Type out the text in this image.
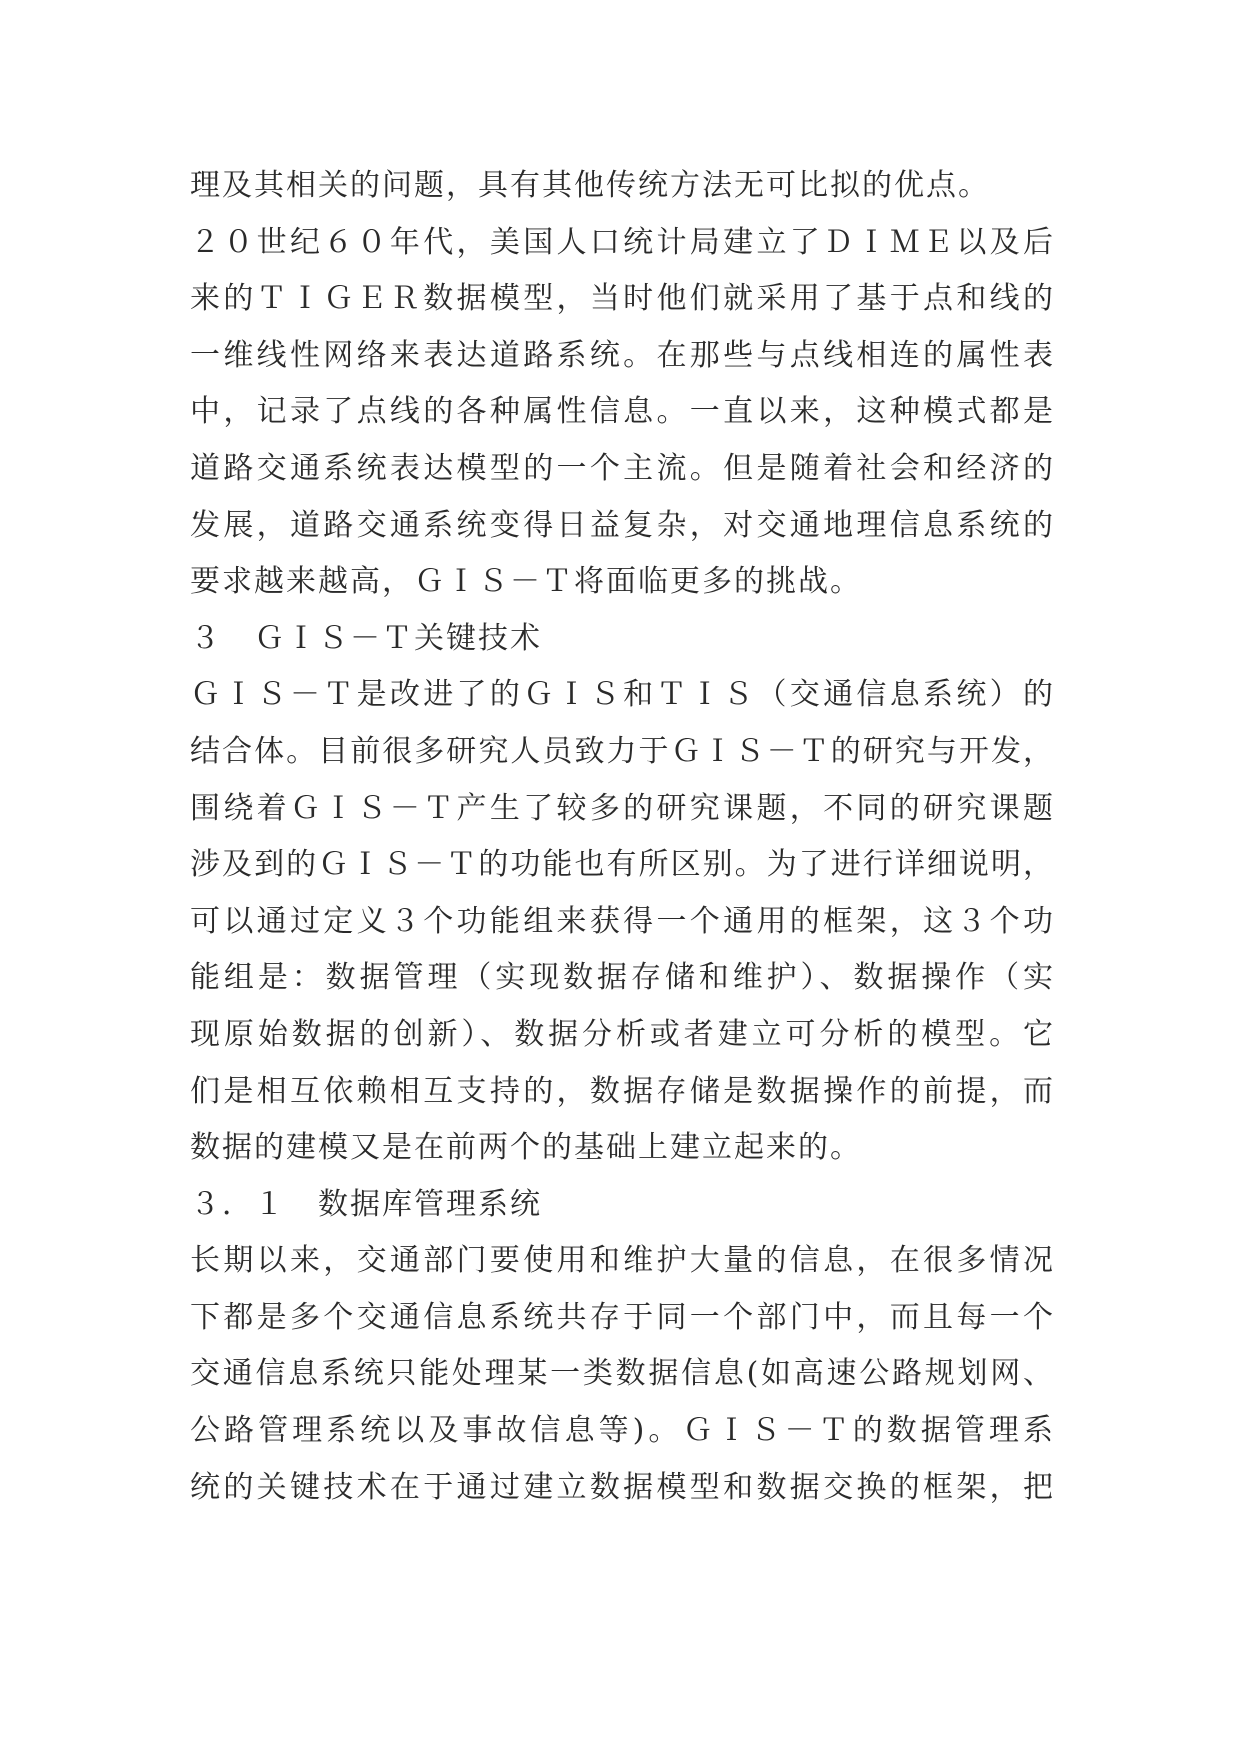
理及其相关的问题，具有其他传统方法无可比拟的优点。
２０世纪６０年代，美国人口统计局建立了ＤＩＭＥ以及后
来的ＴＩＧＥＲ数据模型，当时他们就采用了基于点和线的
一维线性网络来表达道路系统。在那些与点线相连的属性表
中，记录了点线的各种属性信息。一直以来，这种模式都是
道路交通系统表达模型的一个主流。但是随着社会和经济的
发展，道路交通系统变得日益复杂，对交通地理信息系统的
要求越来越高，ＧＩＳ－Ｔ将面临更多的挑战。
３　ＧＩＳ－Ｔ关键技术
ＧＩＳ－Ｔ是改进了的ＧＩＳ和ＴＩＳ（交通信息系统）的
结合体。目前很多研究人员致力于ＧＩＳ－Ｔ的研究与开发，
围绕着ＧＩＳ－Ｔ产生了较多的研究课题，不同的研究课题
涉及到的ＧＩＳ－Ｔ的功能也有所区别。为了进行详细说明，
可以通过定义３个功能组来获得一个通用的框架，这３个功
能组是：数据管理（实现数据存储和维护）、数据操作（实
现原始数据的创新）、数据分析或者建立可分析的模型。它
们是相互依赖相互支持的，数据存储是数据操作的前提，而
数据的建模又是在前两个的基础上建立起来的。
３．１　数据库管理系统
长期以来，交通部门要使用和维护大量的信息，在很多情况
下都是多个交通信息系统共存于同一个部门中，而且每一个
交通信息系统只能处理某一类数据信息(如高速公路规划网、
公路管理系统以及事故信息等)。ＧＩＳ－Ｔ的数据管理系
统的关键技术在于通过建立数据模型和数据交换的框架，把
